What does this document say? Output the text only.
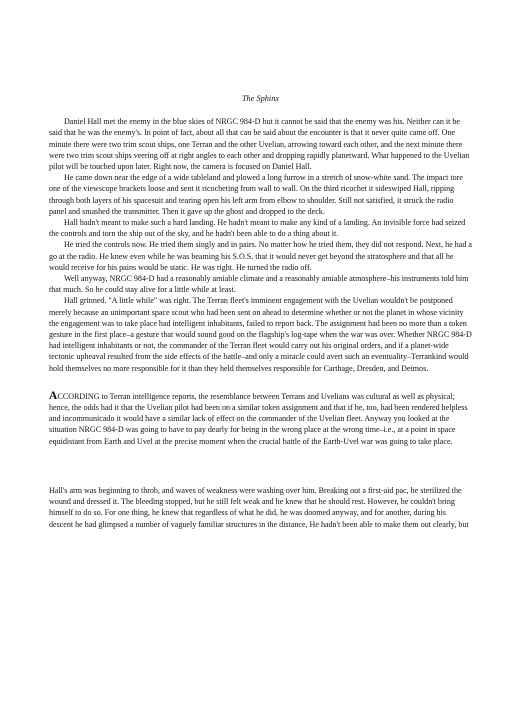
The Sphinx

Daniel Hall met the enemy in the blue skies of NRGC 984-D but it cannot be said that the enemy was his. Neither can it be said that he was the enemy's. In point of fact, about all that can be said about the encounter is that it never quite came off. One minute there were two trim scout ships, one Terran and the other Uvelian, arrowing toward each other, and the next minute there were two trim scout ships veering off at right angles to each other and dropping rapidly planetward. What happened to the Uvelian pilot will be touched upon later. Right now, the camera is focused on Daniel Hall.

He came down near the edge of a wide tableland and plowed a long furrow in a stretch of snow-white sand. The impact tore one of the viewscope brackets loose and sent it ricocheting from wall to wall. On the third ricochet it sideswiped Hall, ripping through both layers of his spacesuit and tearing open his left arm from elbow to shoulder. Still not satisfied, it struck the radio panel and smashed the transmitter. Then it gave up the ghost and dropped to the deck.

Hall hadn't meant to make such a hard landing. He hadn't meant to make any kind of a landing. An invisible force had seized the controls and torn the ship out of the sky, and he hadn't been able to do a thing about it.

He tried the controls now. He tried them singly and in pairs. No matter how he tried them, they did not respond. Next, he had a go at the radio. He knew even while he was beaming his S.O.S. that it would never get beyond the stratosphere and that all he would receive for his pains would be static. He was right. He turned the radio off.

Well anyway, NRGC 984-D had a reasonably amiable climate and a reasonably amiable atmosphere–his instruments told him that much. So he could stay alive for a little while at least.

Hall grinned. "A little while" was right. The Terran fleet's imminent engagement with the Uvelian wouldn't be postponed merely because an unimportant space scout who had been sent on ahead to determine whether or not the planet in whose vicinity the engagement was to take place had intelligent inhabitants, failed to report back. The assignment had been no more than a token gesture in the first place–a gesture that would sound good on the flagship's log-tape when the war was over. Whether NRGC 984-D had intelligent inhabitants or not, the commander of the Terran fleet would carry out his original orders, and if a planet-wide tectonic upheaval resulted from the side effects of the battle–and only a miracle could avert such an eventuality–Terrankind would hold themselves no more responsible for it than they held themselves responsible for Carthage, Dresden, and Deimos.

ACCORDING to Terran intelligence reports, the resemblance between Terrans and Uvelians was cultural as well as physical; hence, the odds had it that the Uvelian pilot had been on a similar token assignment and that if he, too, had been rendered helpless and incommunicado it would have a similar lack of effect on the commander of the Uvelian fleet. Anyway you looked at the situation NRGC 984-D was going to have to pay dearly for being in the wrong place at the wrong time–i.e., at a point in space equidistant from Earth and Uvel at the precise moment when the crucial battle of the Earth-Uvel war was going to take place.

Hall's arm was beginning to throb, and waves of weakness were washing over him. Breaking out a first-aid pac, he sterilized the wound and dressed it. The bleeding stopped, but he still felt weak and he knew that he should rest. However, he couldn't bring himself to do so. For one thing, he knew that regardless of what he did, he was doomed anyway, and for another, during his descent he had glimpsed a number of vaguely familiar structures in the distance, He hadn't been able to make them out clearly, but
